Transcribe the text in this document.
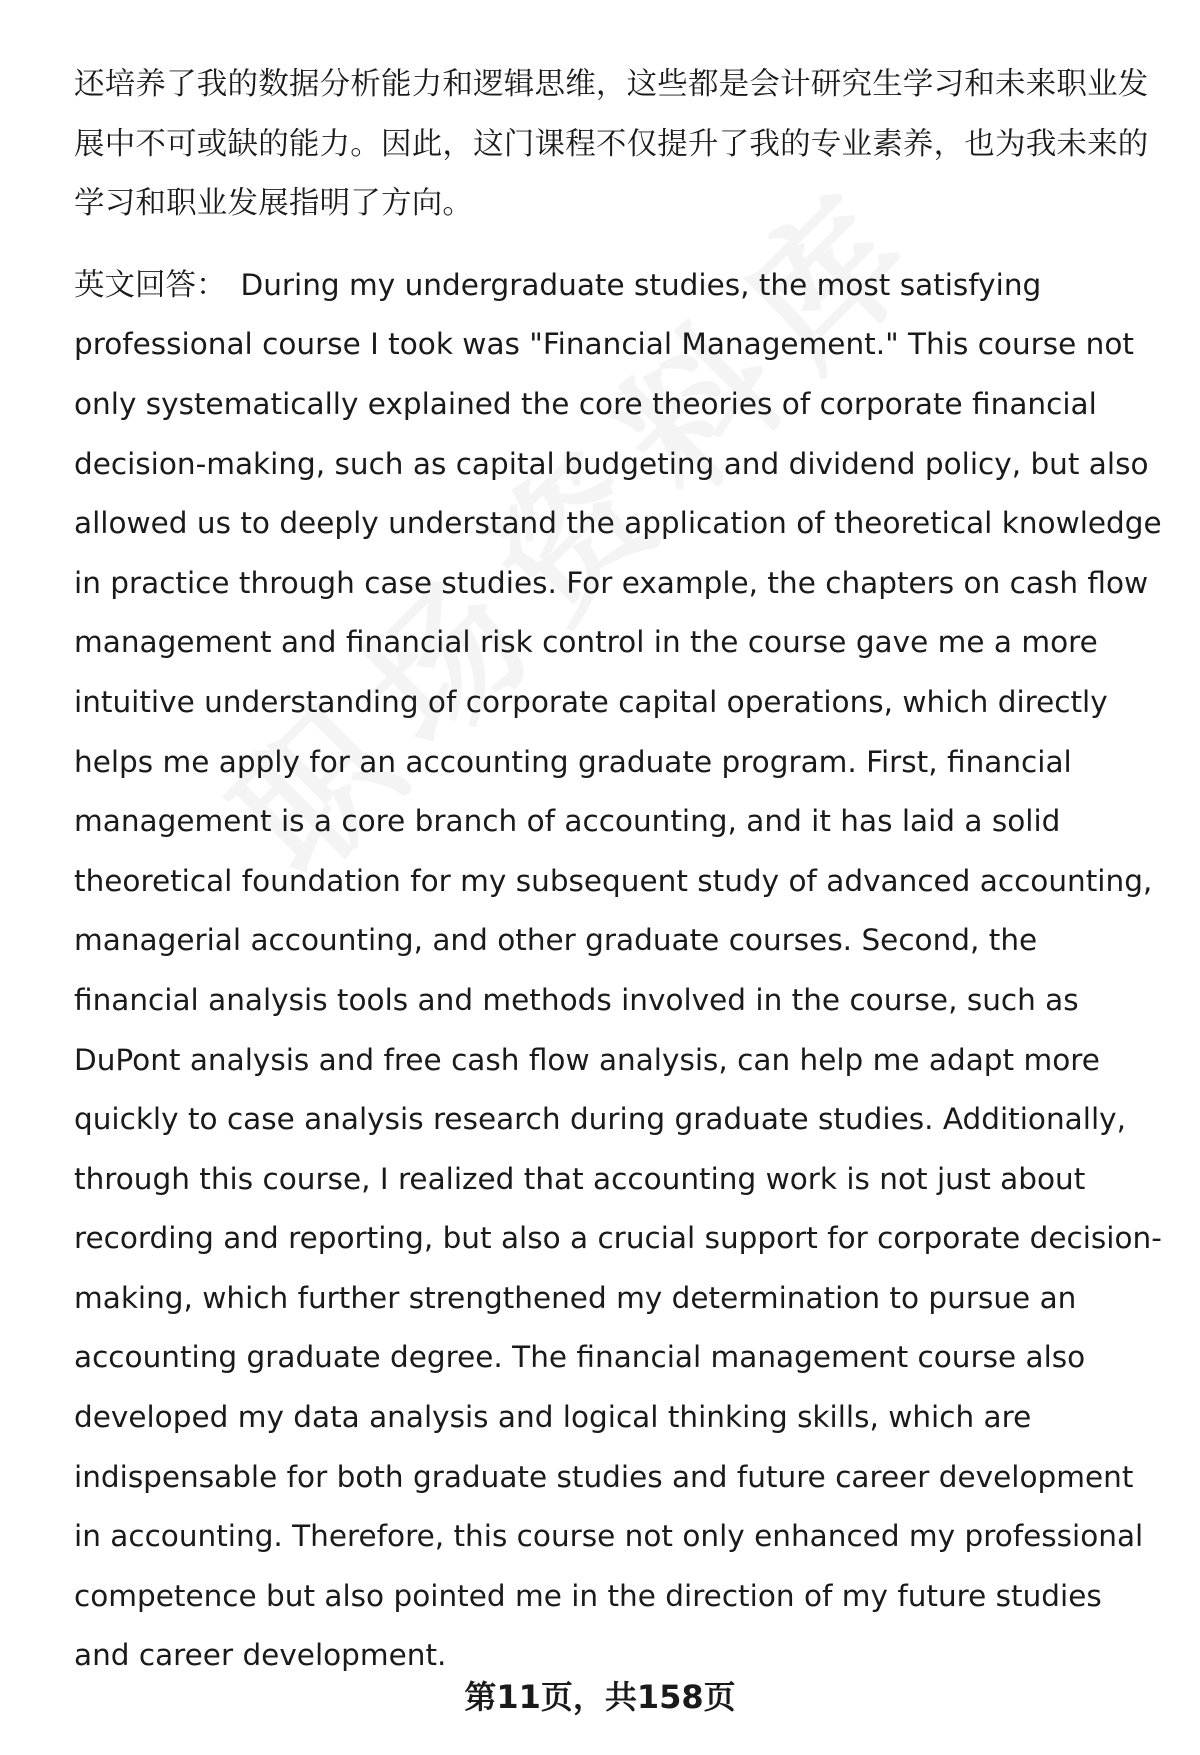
还培养了我的数据分析能力和逻辑思维，这些都是会计研究生学习和未来职业发展中不可或缺的能力。因此，这门课程不仅提升了我的专业素养，也为我未来的学习和职业发展指明了方向。

英文回答： During my undergraduate studies, the most satisfying professional course I took was "Financial Management." This course not only systematically explained the core theories of corporate financial decision-making, such as capital budgeting and dividend policy, but also allowed us to deeply understand the application of theoretical knowledge in practice through case studies. For example, the chapters on cash flow management and financial risk control in the course gave me a more intuitive understanding of corporate capital operations, which directly helps me apply for an accounting graduate program. First, financial management is a core branch of accounting, and it has laid a solid theoretical foundation for my subsequent study of advanced accounting, managerial accounting, and other graduate courses. Second, the financial analysis tools and methods involved in the course, such as DuPont analysis and free cash flow analysis, can help me adapt more quickly to case analysis research during graduate studies. Additionally, through this course, I realized that accounting work is not just about recording and reporting, but also a crucial support for corporate decision-making, which further strengthened my determination to pursue an accounting graduate degree. The financial management course also developed my data analysis and logical thinking skills, which are indispensable for both graduate studies and future career development in accounting. Therefore, this course not only enhanced my professional competence but also pointed me in the direction of my future studies and career development.

第11页，共158页
